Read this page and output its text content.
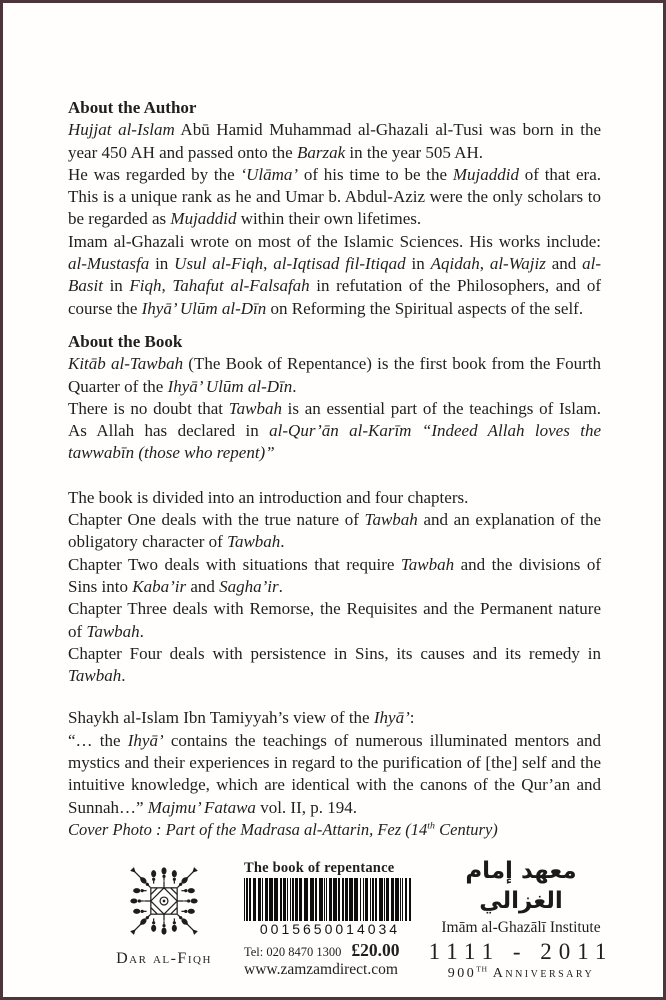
About the Author

Hujjat al-Islam Abū Hamid Muhammad al-Ghazali al-Tusi was born in the year 450 AH and passed onto the Barzak in the year 505 AH.

He was regarded by the ‘Ulāma’ of his time to be the Mujaddid of that era. This is a unique rank as he and Umar b. Abdul-Aziz were the only scholars to be regarded as Mujaddid within their own lifetimes.

Imam al-Ghazali wrote on most of the Islamic Sciences. His works include: al-Mustasfa in Usul al-Fiqh, al-Iqtisad fil-Itiqad in Aqidah, al-Wajiz and al-Basit in Fiqh, Tahafut al-Falsafah in refutation of the Philosophers, and of course the Ihyā’ Ulūm al-Dīn on Reforming the Spiritual aspects of the self.

About the Book

Kitāb al-Tawbah (The Book of Repentance) is the first book from the Fourth Quarter of the Ihyā’ Ulūm al-Dīn.

There is no doubt that Tawbah is an essential part of the teachings of Islam. As Allah has declared in al-Qur’ān al-Karīm “Indeed Allah loves the tawwabīn (those who repent)”

The book is divided into an introduction and four chapters.

Chapter One deals with the true nature of Tawbah and an explanation of the obligatory character of Tawbah.

Chapter Two deals with situations that require Tawbah and the divisions of Sins into Kaba’ir and Sagha’ir.

Chapter Three deals with Remorse, the Requisites and the Permanent nature of Tawbah.

Chapter Four deals with persistence in Sins, its causes and its remedy in Tawbah.

Shaykh al-Islam Ibn Tamiyyah’s view of the Ihyā’:

“… the Ihyā’ contains the teachings of numerous illuminated mentors and mystics and their experiences in regard to the purification of [the] self and the intuitive knowledge, which are identical with the canons of the Qur’an and Sunnah…” Majmu’ Fatawa vol. II, p. 194.

Cover Photo : Part of the Madrasa al-Attarin, Fez (14th Century)

Dar al-Fiqh
The book of repentance
0015650014034
Tel: 020 8470 1300 £20.00
www.zamzamdirect.com
معهد إمام الغزالي
Imām al-Ghazālī Institute
1111 - 2011
900TH Anniversary
